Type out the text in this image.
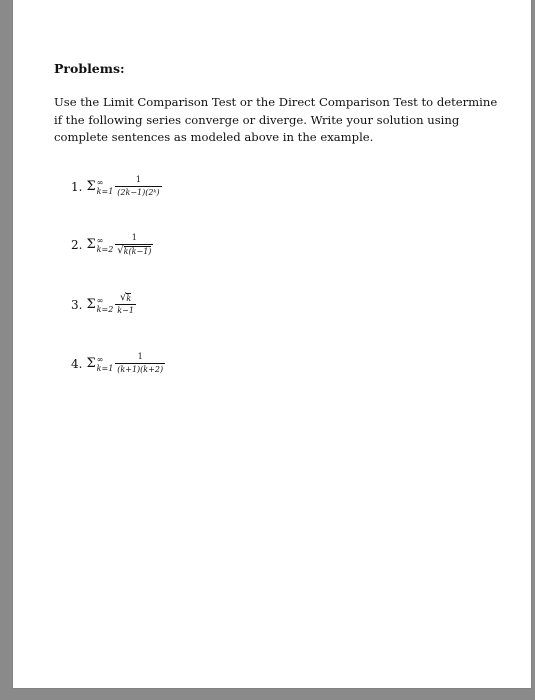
Problems:
Use the Limit Comparison Test or the Direct Comparison Test to determine if the following series converge or diverge. Write your solution using complete sentences as modeled above in the example.
1. Σ ∞
$k=1 \frac{1}{\text{(2k−1)(2ᵏ)}}$
2. Σ ∞
$k=2 \frac{1}{√ k(k-1)}$
3. Σ ∞
$k=2 \frac{√ k}{k-1}$
4. Σ ∞
$k=1 \frac{1}{(k+1)(k+2)}$
